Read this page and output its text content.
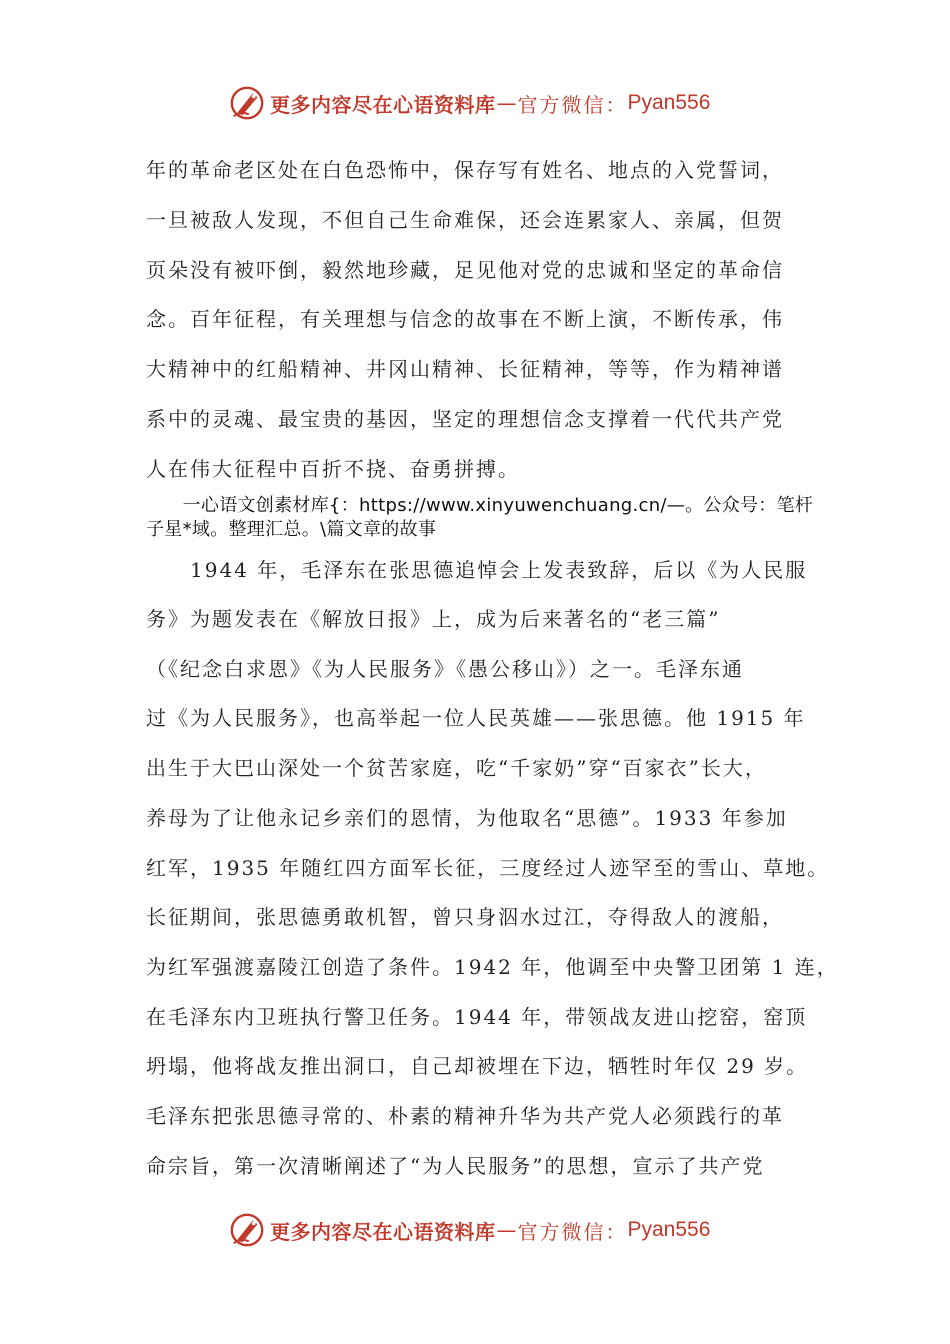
更多内容尽在心语资料库 — 官方微信： Pyan556
年的革命老区处在白色恐怖中，保存写有姓名、地点的入党誓词，
一旦被敌人发现，不但自己生命难保，还会连累家人、亲属，但贺
页朵没有被吓倒，毅然地珍藏，足见他对党的忠诚和坚定的革命信
念。百年征程，有关理想与信念的故事在不断上演，不断传承，伟
大精神中的红船精神、井冈山精神、长征精神，等等，作为精神谱
系中的灵魂、最宝贵的基因，坚定的理想信念支撑着一代代共产党
人在伟大征程中百折不挠、奋勇拼搏。
　　一心语文创素材库{：https://www.xinyuwenchuang.cn/—。公众号：笔杆
子星*域。整理汇总。\篇文章的故事
　　1944 年，毛泽东在张思德追悼会上发表致辞，后以《为人民服
务》为题发表在《解放日报》上，成为后来著名的“老三篇”
（《纪念白求恩》《为人民服务》《愚公移山》）之一。毛泽东通
过《为人民服务》，也高举起一位人民英雄——张思德。他 1915 年
出生于大巴山深处一个贫苦家庭，吃“千家奶”穿“百家衣”长大，
养母为了让他永记乡亲们的恩情，为他取名“思德”。1933 年参加
红军，1935 年随红四方面军长征，三度经过人迹罕至的雪山、草地。
长征期间，张思德勇敢机智，曾只身泅水过江，夺得敌人的渡船，
为红军强渡嘉陵江创造了条件。1942 年，他调至中央警卫团第 1 连，
在毛泽东内卫班执行警卫任务。1944 年，带领战友进山挖窑，窑顶
坍塌，他将战友推出洞口，自己却被埋在下边，牺牲时年仅 29 岁。
毛泽东把张思德寻常的、朴素的精神升华为共产党人必须践行的革
命宗旨，第一次清晰阐述了“为人民服务”的思想，宣示了共产党
更多内容尽在心语资料库 — 官方微信： Pyan556
